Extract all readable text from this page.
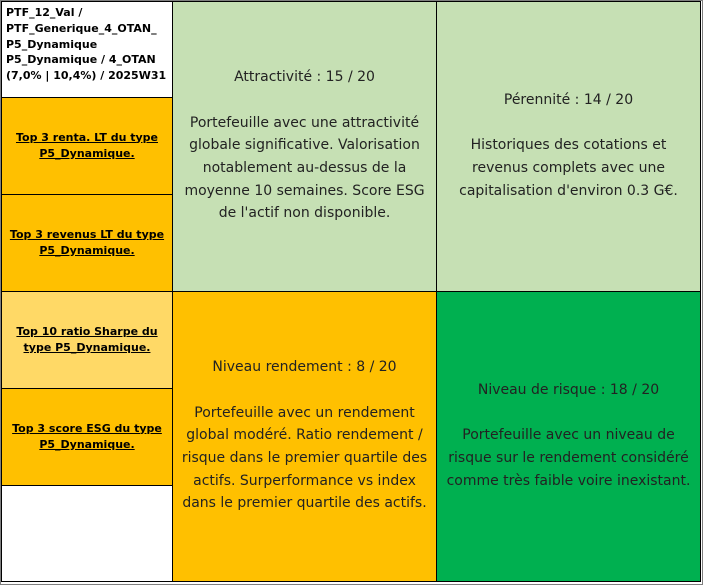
PTF_12_Val /
PTF_Generique_4_OTAN_
P5_Dynamique
P5_Dynamique / 4_OTAN
(7,0% | 10,4%) / 2025W31
Top 3 renta. LT du type P5_Dynamique.
Top 3 revenus LT du type P5_Dynamique.
Top 10 ratio Sharpe du type P5_Dynamique.
Top 3 score ESG du type P5_Dynamique.
Attractivité : 15 / 20
Portefeuille avec une attractivité globale significative. Valorisation notablement au-dessus de la moyenne 10 semaines. Score ESG de l'actif non disponible.
Pérennité : 14 / 20
Historiques des cotations et revenus complets avec une capitalisation d'environ 0.3 G€.
Niveau rendement : 8 / 20
Portefeuille avec un rendement global modéré. Ratio rendement / risque dans le premier quartile des actifs. Surperformance vs index dans le premier quartile des actifs.
Niveau de risque : 18 / 20
Portefeuille avec un niveau de risque sur le rendement considéré comme très faible voire inexistant.
